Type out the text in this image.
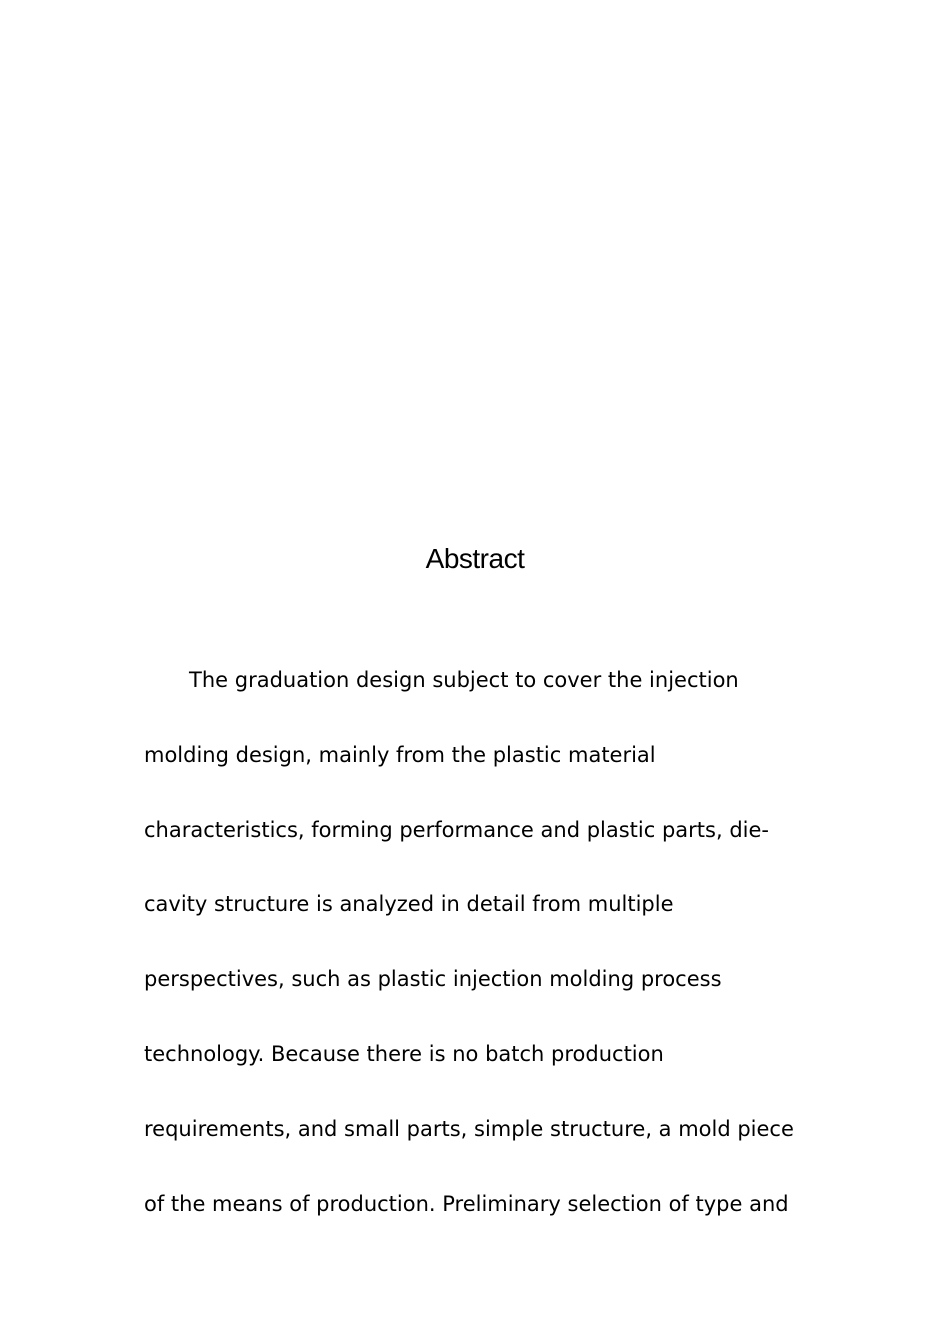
Abstract
The graduation design subject to cover the injection
molding design, mainly from the plastic material
characteristics, forming performance and plastic parts, die-
cavity structure is analyzed in detail from multiple
perspectives, such as plastic injection molding process
technology. Because there is no batch production
requirements, and small parts, simple structure, a mold piece
of the means of production. Preliminary selection of type and
